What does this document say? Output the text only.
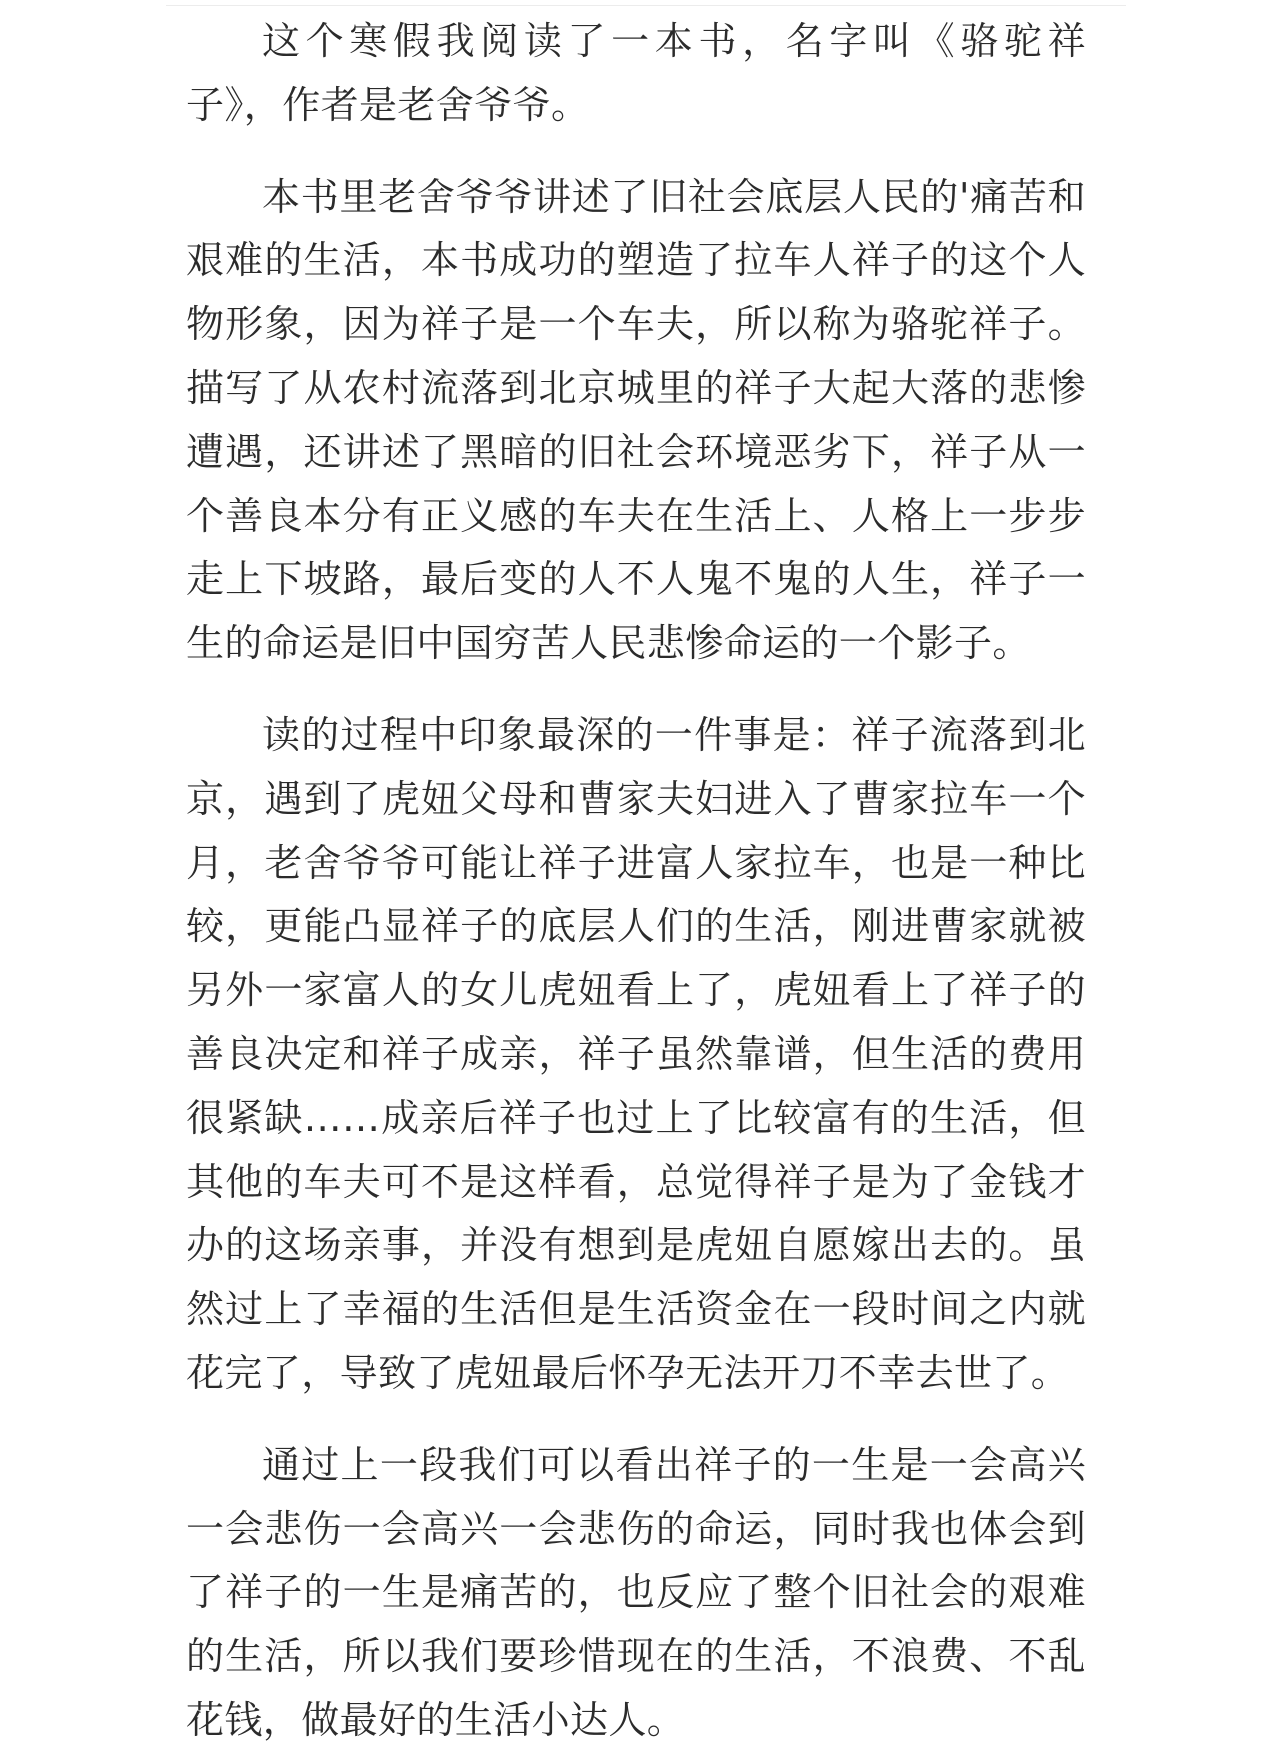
这个寒假我阅读了一本书，名字叫《骆驼祥子》，作者是老舍爷爷。

本书里老舍爷爷讲述了旧社会底层人民的'痛苦和艰难的生活，本书成功的塑造了拉车人祥子的这个人物形象，因为祥子是一个车夫，所以称为骆驼祥子。描写了从农村流落到北京城里的祥子大起大落的悲惨遭遇，还讲述了黑暗的旧社会环境恶劣下，祥子从一个善良本分有正义感的车夫在生活上、人格上一步步走上下坡路，最后变的人不人鬼不鬼的人生，祥子一生的命运是旧中国穷苦人民悲惨命运的一个影子。

读的过程中印象最深的一件事是：祥子流落到北京，遇到了虎妞父母和曹家夫妇进入了曹家拉车一个月，老舍爷爷可能让祥子进富人家拉车，也是一种比较，更能凸显祥子的底层人们的生活，刚进曹家就被另外一家富人的女儿虎妞看上了，虎妞看上了祥子的善良决定和祥子成亲，祥子虽然靠谱，但生活的费用很紧缺……成亲后祥子也过上了比较富有的生活，但其他的车夫可不是这样看，总觉得祥子是为了金钱才办的这场亲事，并没有想到是虎妞自愿嫁出去的。虽然过上了幸福的生活但是生活资金在一段时间之内就花完了，导致了虎妞最后怀孕无法开刀不幸去世了。

通过上一段我们可以看出祥子的一生是一会高兴一会悲伤一会高兴一会悲伤的命运，同时我也体会到了祥子的一生是痛苦的，也反应了整个旧社会的艰难的生活，所以我们要珍惜现在的生活，不浪费、不乱花钱，做最好的生活小达人。
